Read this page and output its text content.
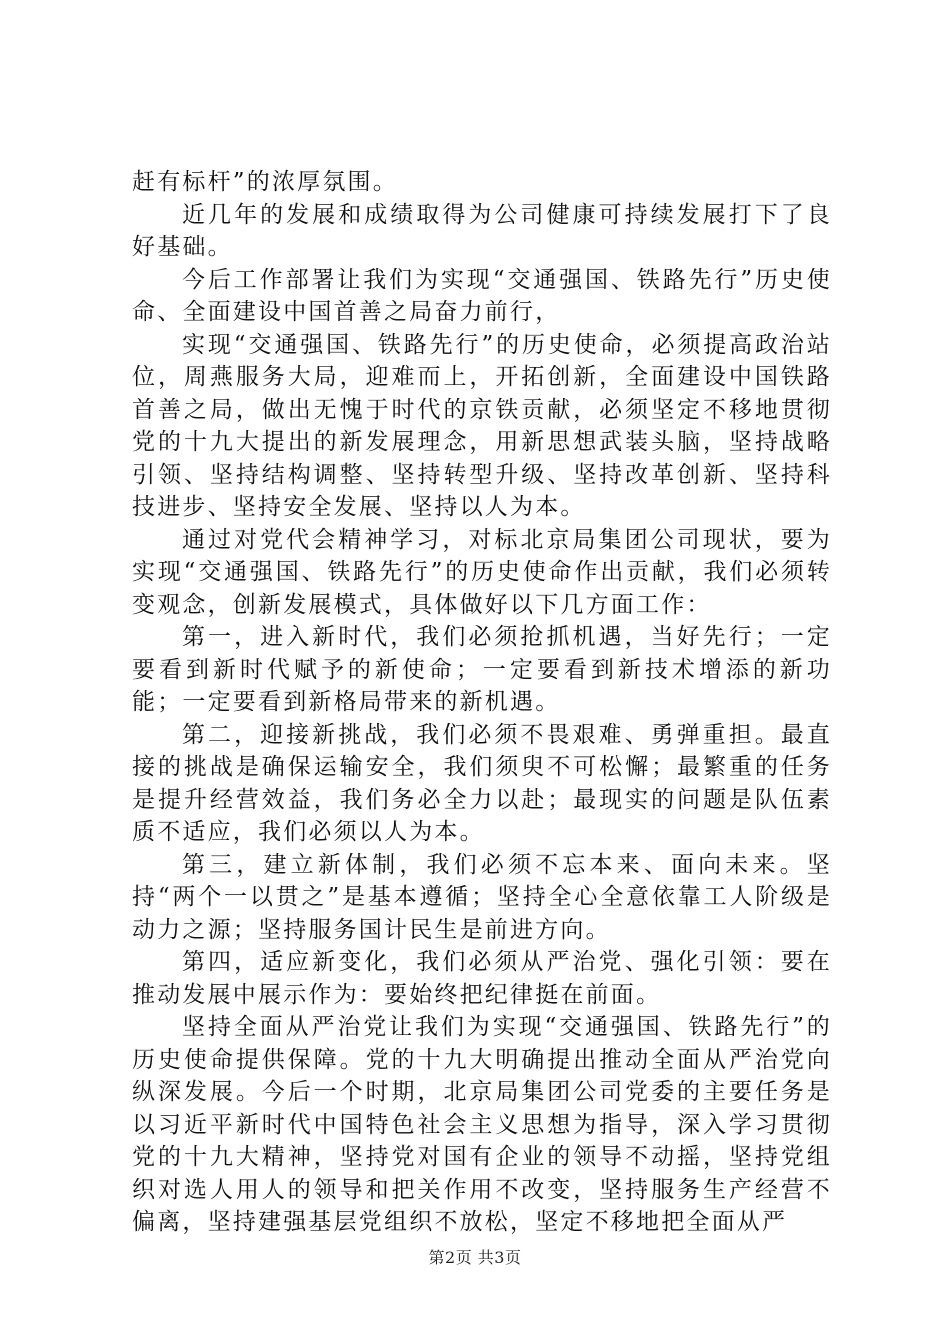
赶有标杆”的浓厚氛围。

近几年的发展和成绩取得为公司健康可持续发展打下了良好基础。

今后工作部署让我们为实现“交通强国、铁路先行”历史使命、全面建设中国首善之局奋力前行，

实现“交通强国、铁路先行”的历史使命，必须提高政治站位，周燕服务大局，迎难而上，开拓创新，全面建设中国铁路首善之局，做出无愧于时代的京铁贡献，必须坚定不移地贯彻党的十九大提出的新发展理念，用新思想武装头脑，坚持战略引领、坚持结构调整、坚持转型升级、坚持改革创新、坚持科技进步、坚持安全发展、坚持以人为本。

通过对党代会精神学习，对标北京局集团公司现状，要为实现“交通强国、铁路先行”的历史使命作出贡献，我们必须转变观念，创新发展模式，具体做好以下几方面工作：

第一，进入新时代，我们必须抢抓机遇，当好先行；一定要看到新时代赋予的新使命；一定要看到新技术增添的新功能；一定要看到新格局带来的新机遇。

第二，迎接新挑战，我们必须不畏艰难、勇弹重担。最直接的挑战是确保运输安全，我们须臾不可松懈；最繁重的任务是提升经营效益，我们务必全力以赴；最现实的问题是队伍素质不适应，我们必须以人为本。

第三，建立新体制，我们必须不忘本来、面向未来。坚持“两个一以贯之”是基本遵循；坚持全心全意依靠工人阶级是动力之源；坚持服务国计民生是前进方向。

第四，适应新变化，我们必须从严治党、强化引领：要在推动发展中展示作为：要始终把纪律挺在前面。

坚持全面从严治党让我们为实现“交通强国、铁路先行”的历史使命提供保障。党的十九大明确提出推动全面从严治党向纵深发展。今后一个时期，北京局集团公司党委的主要任务是以习近平新时代中国特色社会主义思想为指导，深入学习贯彻党的十九大精神，坚持党对国有企业的领导不动摇，坚持党组织对选人用人的领导和把关作用不改变，坚持服务生产经营不偏离，坚持建强基层党组织不放松，坚定不移地把全面从严

第2页 共3页
